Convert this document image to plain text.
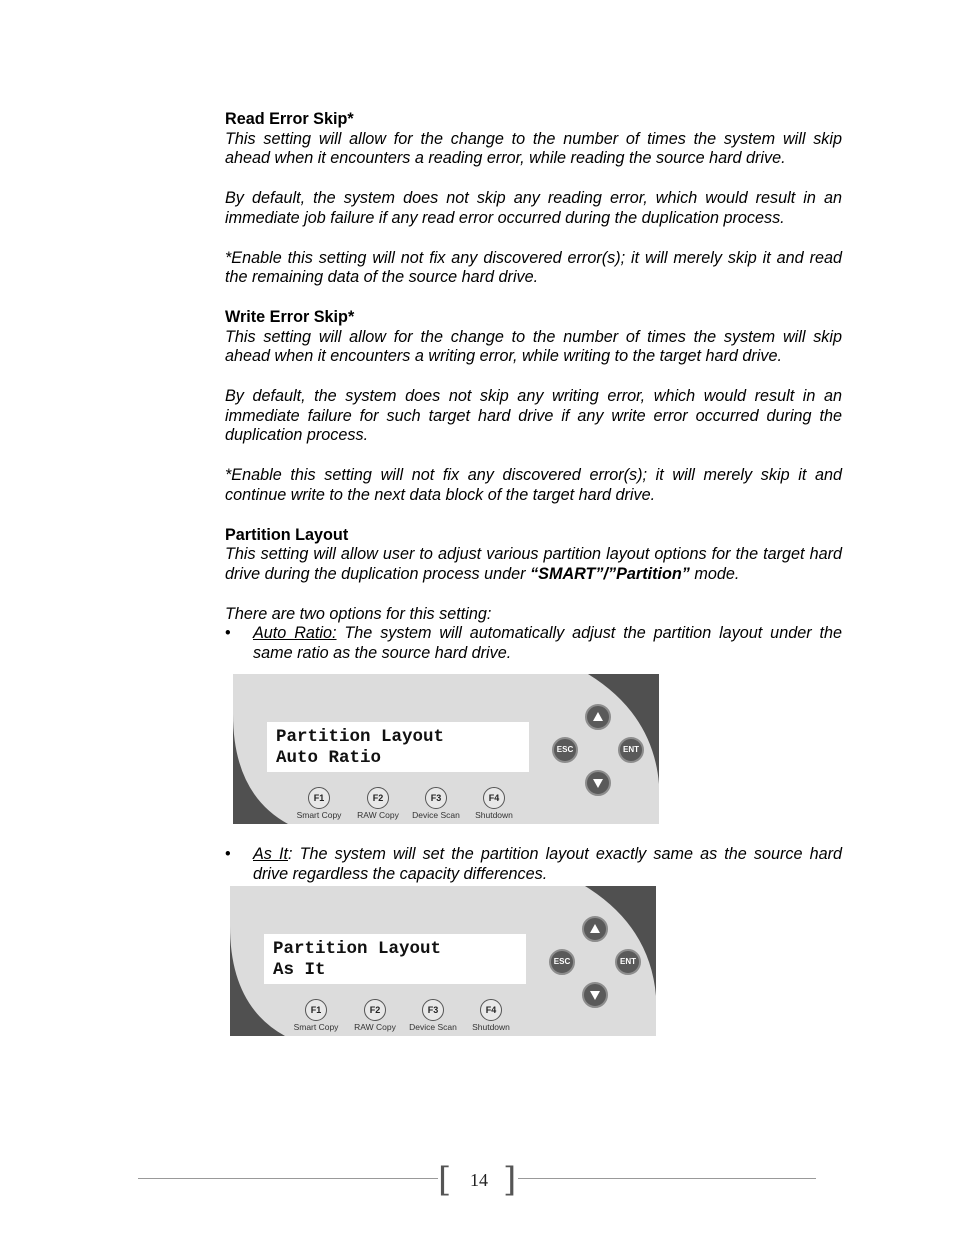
Read Error Skip*

This setting will allow for the change to the number of times the system will skip ahead when it encounters a reading error, while reading the source hard drive.

By default, the system does not skip any reading error, which would result in an immediate job failure if any read error occurred during the duplication process.

*Enable this setting will not fix any discovered error(s); it will merely skip it and read the remaining data of the source hard drive.

Write Error Skip*

This setting will allow for the change to the number of times the system will skip ahead when it encounters a writing error, while writing to the target hard drive.

By default, the system does not skip any writing error, which would result in an immediate failure for such target hard drive if any write error occurred during the duplication process.

*Enable this setting will not fix any discovered error(s); it will merely skip it and continue write to the next data block of the target hard drive.

Partition Layout

This setting will allow user to adjust various partition layout options for the target hard drive during the duplication process under “SMART”/”Partition” mode.

There are two options for this setting:

• Auto Ratio: The system will automatically adjust the partition layout under the same ratio as the source hard drive.
• As It: The system will set the partition layout exactly same as the source hard drive regardless the capacity differences.
Partition Layout
Auto Ratio
F1
Smart Copy
F2
RAW Copy
F3
Device Scan
F4
Shutdown
ESC	ENT
Partition Layout
As It
F1
Smart Copy
F2
RAW Copy
F3
Device Scan
F4
Shutdown
ESC	ENT
[ ]
14
